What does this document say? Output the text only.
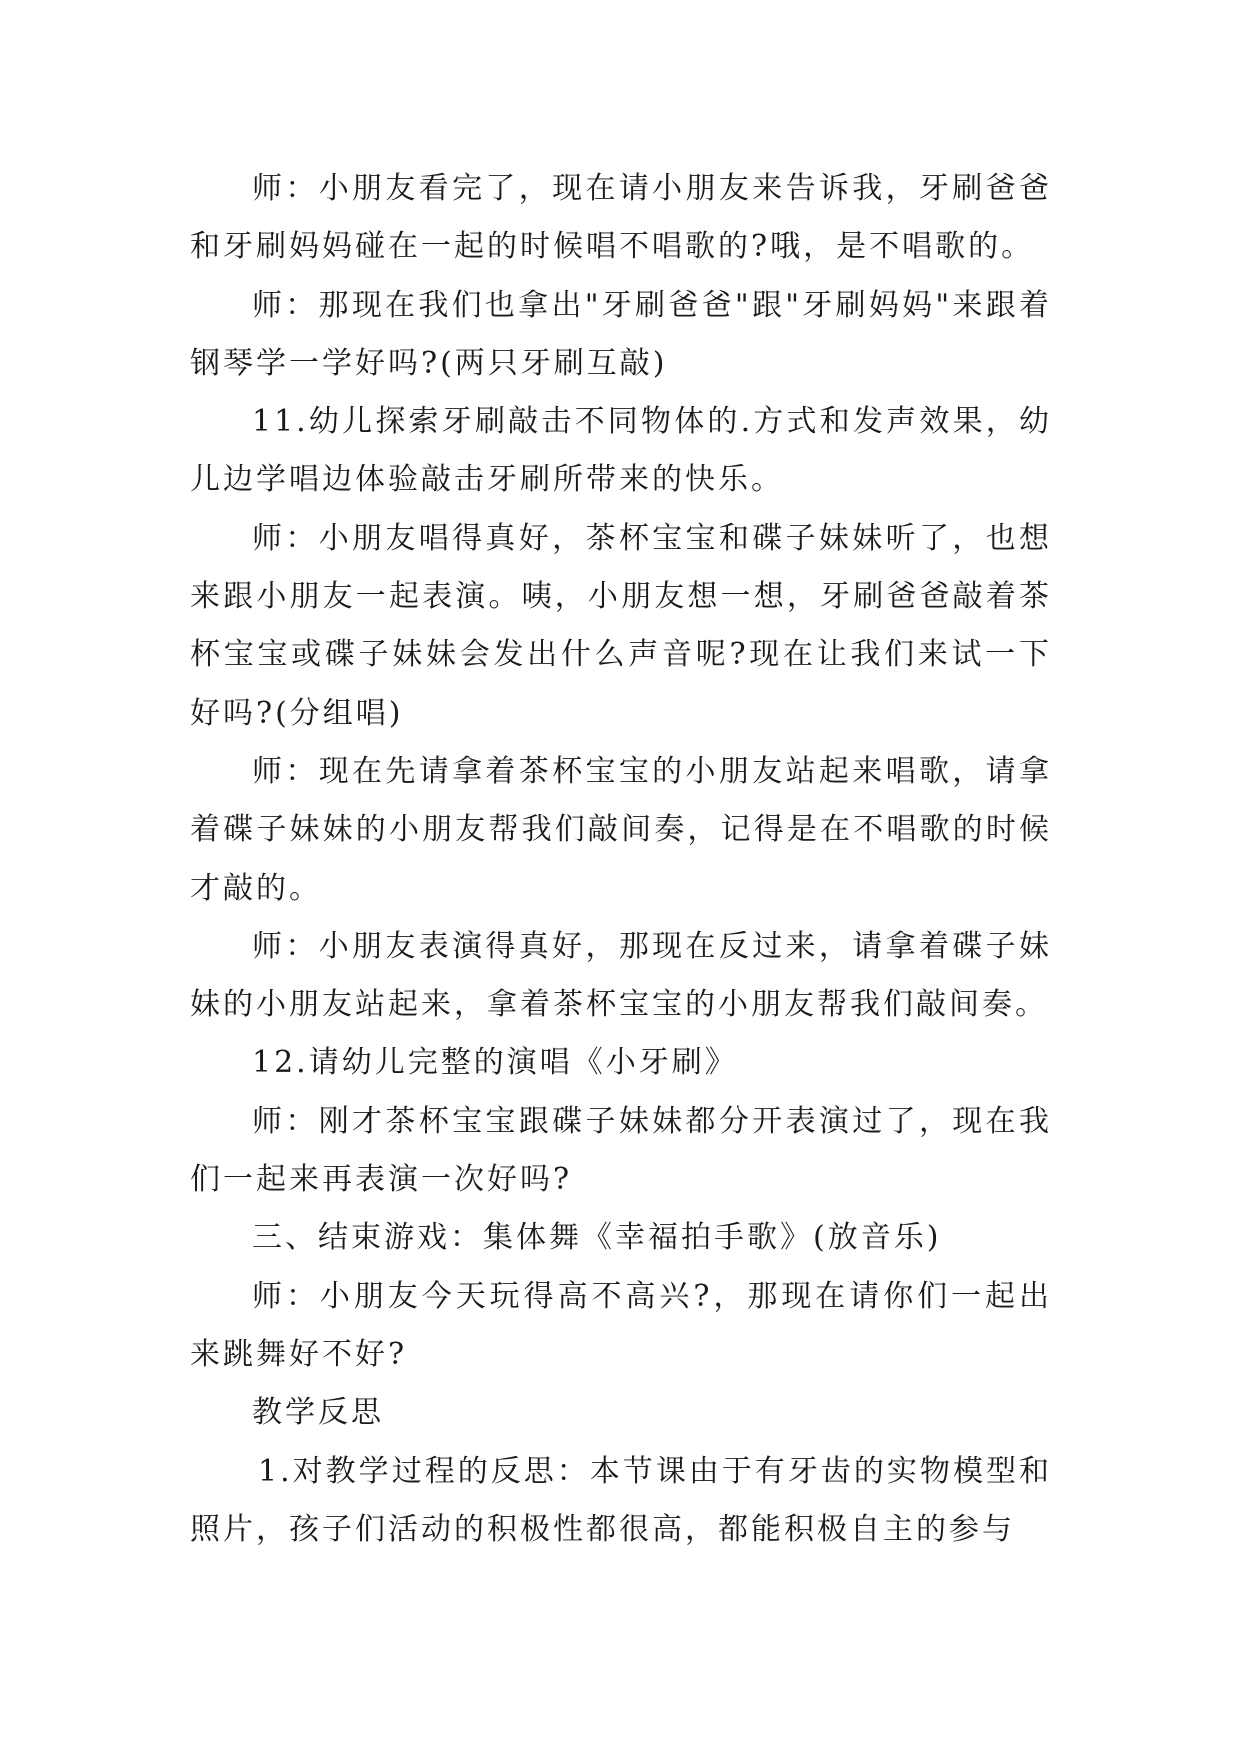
师：小朋友看完了，现在请小朋友来告诉我，牙刷爸爸和牙刷妈妈碰在一起的时候唱不唱歌的?哦，是不唱歌的。

师：那现在我们也拿出"牙刷爸爸"跟"牙刷妈妈"来跟着钢琴学一学好吗?(两只牙刷互敲)

11.幼儿探索牙刷敲击不同物体的.方式和发声效果，幼儿边学唱边体验敲击牙刷所带来的快乐。

师：小朋友唱得真好，茶杯宝宝和碟子妹妹听了，也想来跟小朋友一起表演。咦，小朋友想一想，牙刷爸爸敲着茶杯宝宝或碟子妹妹会发出什么声音呢?现在让我们来试一下好吗?(分组唱)

师：现在先请拿着茶杯宝宝的小朋友站起来唱歌，请拿着碟子妹妹的小朋友帮我们敲间奏，记得是在不唱歌的时候才敲的。

师：小朋友表演得真好，那现在反过来，请拿着碟子妹妹的小朋友站起来，拿着茶杯宝宝的小朋友帮我们敲间奏。

12.请幼儿完整的演唱《小牙刷》

师：刚才茶杯宝宝跟碟子妹妹都分开表演过了，现在我们一起来再表演一次好吗?

三、结束游戏：集体舞《幸福拍手歌》(放音乐)

师：小朋友今天玩得高不高兴?，那现在请你们一起出来跳舞好不好?

教学反思

1.对教学过程的反思：本节课由于有牙齿的实物模型和照片，孩子们活动的积极性都很高，都能积极自主的参与
